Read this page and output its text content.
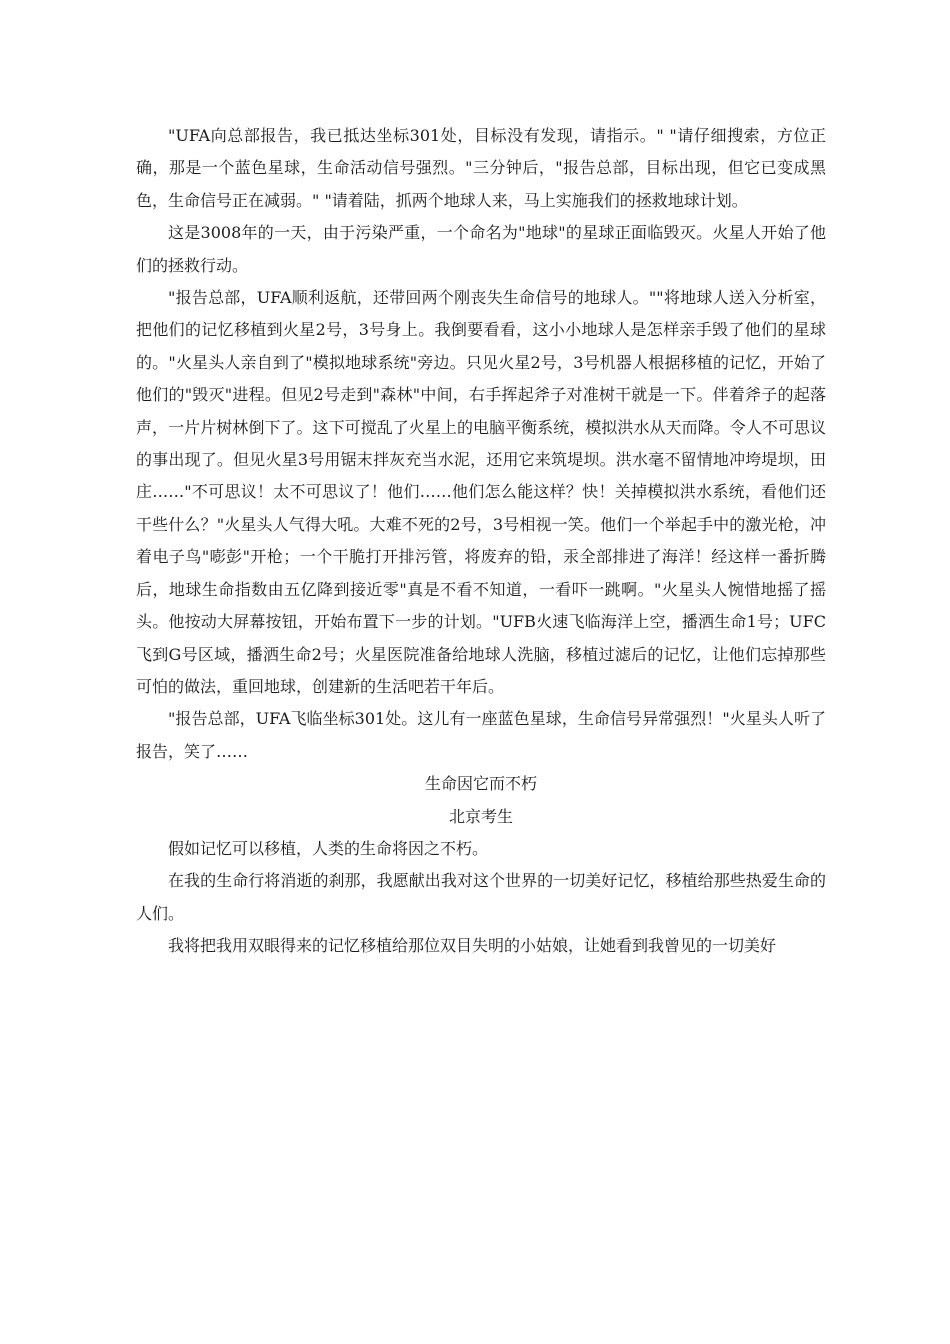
"UFA向总部报告，我已抵达坐标301处，目标没有发现，请指示。" "请仔细搜索，方位正确，那是一个蓝色星球，生命活动信号强烈。"三分钟后，"报告总部，目标出现，但它已变成黑色，生命信号正在减弱。" "请着陆，抓两个地球人来，马上实施我们的拯救地球计划。

这是3008年的一天，由于污染严重，一个命名为"地球"的星球正面临毁灭。火星人开始了他们的拯救行动。

"报告总部，UFA顺利返航，还带回两个刚丧失生命信号的地球人。""将地球人送入分析室，把他们的记忆移植到火星2号，3号身上。我倒要看看，这小小地球人是怎样亲手毁了他们的星球的。"火星头人亲自到了"模拟地球系统"旁边。只见火星2号，3号机器人根据移植的记忆，开始了他们的"毁灭"进程。但见2号走到"森林"中间，右手挥起斧子对准树干就是一下。伴着斧子的起落声，一片片树林倒下了。这下可搅乱了火星上的电脑平衡系统，模拟洪水从天而降。令人不可思议的事出现了。但见火星3号用锯末拌灰充当水泥，还用它来筑堤坝。洪水毫不留情地冲垮堤坝，田庄……"不可思议！太不可思议了！他们……他们怎么能这样？快！关掉模拟洪水系统，看他们还干些什么？"火星头人气得大吼。大难不死的2号，3号相视一笑。他们一个举起手中的激光枪，冲着电子鸟"嘭彭"开枪；一个干脆打开排污管，将废弃的铅，汞全部排进了海洋！经这样一番折腾后，地球生命指数由五亿降到接近零"真是不看不知道，一看吓一跳啊。"火星头人惋惜地摇了摇头。他按动大屏幕按钮，开始布置下一步的计划。"UFB火速飞临海洋上空，播洒生命1号；UFC飞到G号区域，播洒生命2号；火星医院准备给地球人洗脑，移植过滤后的记忆，让他们忘掉那些可怕的做法，重回地球，创建新的生活吧若干年后。

"报告总部，UFA飞临坐标301处。这儿有一座蓝色星球，生命信号异常强烈！"火星头人听了报告，笑了……

生命因它而不朽

北京考生

假如记忆可以移植，人类的生命将因之不朽。

在我的生命行将消逝的刹那，我愿献出我对这个世界的一切美好记忆，移植给那些热爱生命的人们。

我将把我用双眼得来的记忆移植给那位双目失明的小姑娘，让她看到我曾见的一切美好
